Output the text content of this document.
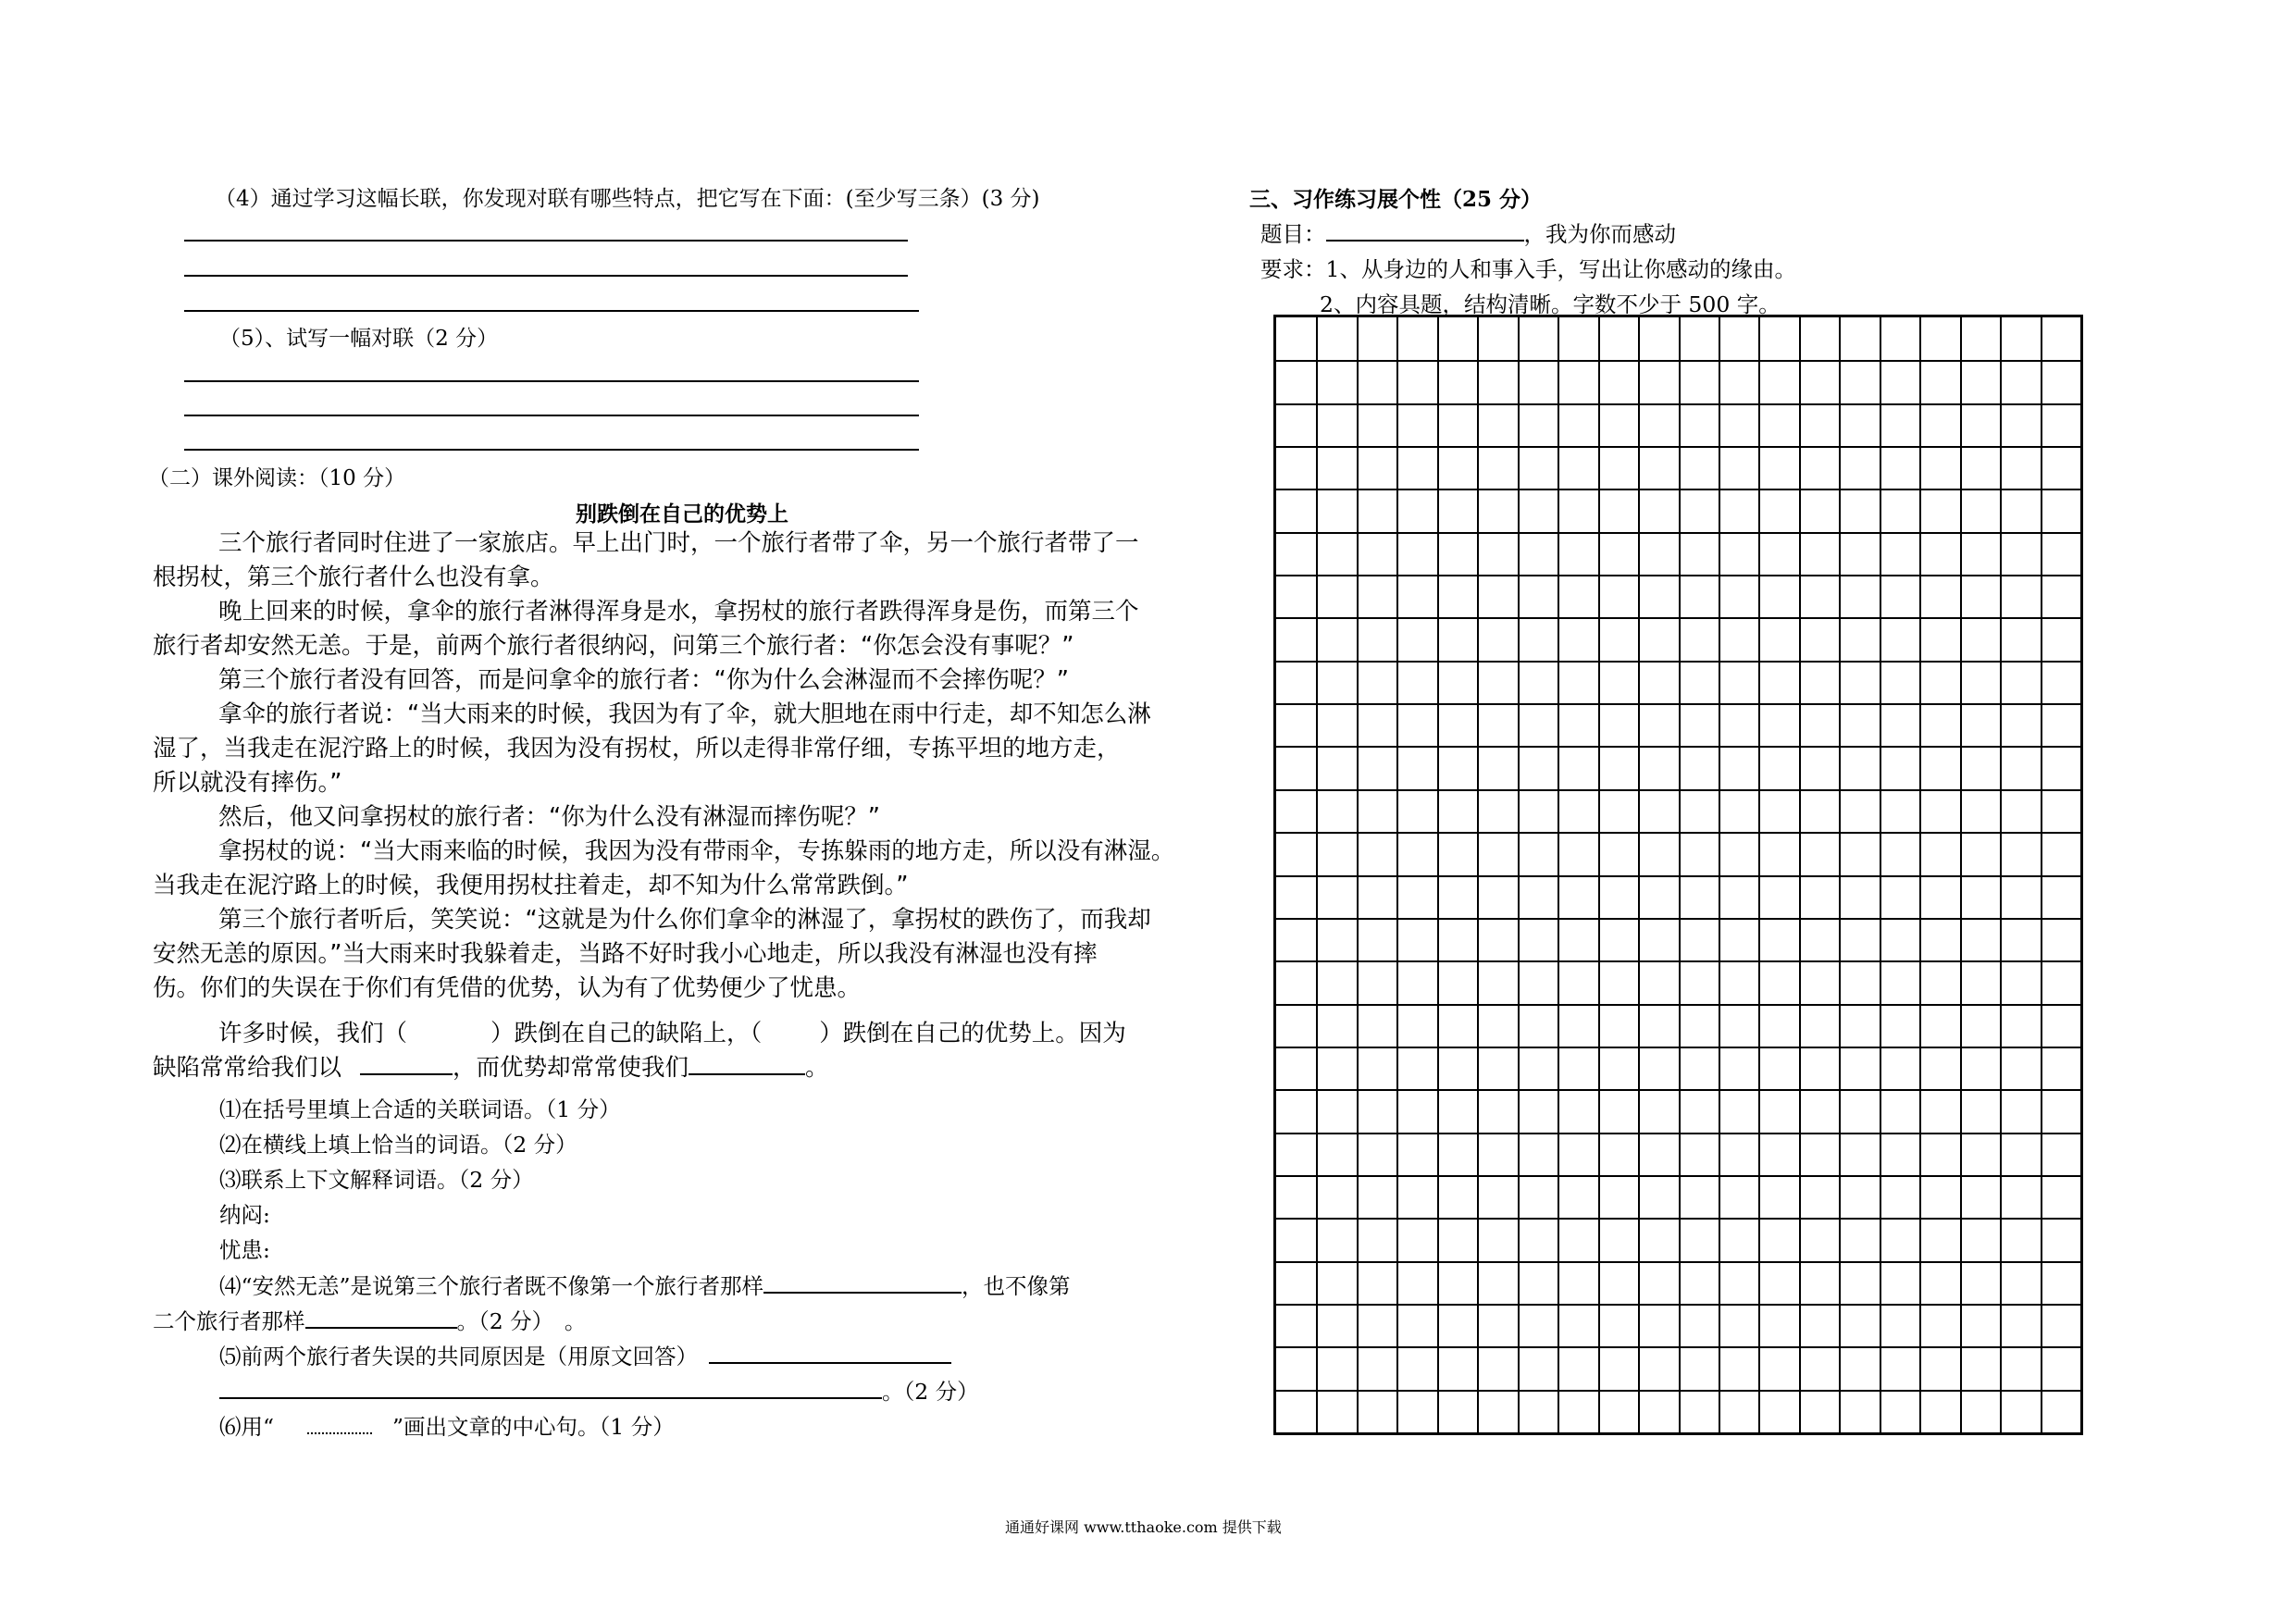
（4）通过学习这幅长联，你发现对联有哪些特点，把它写在下面：(至少写三条）(3 分)
（5）、试写一幅对联（2 分）
（二）课外阅读：（10 分）
别跌倒在自己的优势上
三个旅行者同时住进了一家旅店。早上出门时，一个旅行者带了伞，另一个旅行者带了一
根拐杖，第三个旅行者什么也没有拿。
晚上回来的时候，拿伞的旅行者淋得浑身是水，拿拐杖的旅行者跌得浑身是伤，而第三个
旅行者却安然无恙。于是，前两个旅行者很纳闷，问第三个旅行者：“你怎会没有事呢？”
第三个旅行者没有回答，而是问拿伞的旅行者：“你为什么会淋湿而不会摔伤呢？”
拿伞的旅行者说：“当大雨来的时候，我因为有了伞，就大胆地在雨中行走，却不知怎么淋
湿了，当我走在泥泞路上的时候，我因为没有拐杖，所以走得非常仔细，专拣平坦的地方走，
所以就没有摔伤。”
然后，他又问拿拐杖的旅行者：“你为什么没有淋湿而摔伤呢？”
拿拐杖的说：“当大雨来临的时候，我因为没有带雨伞，专拣躲雨的地方走，所以没有淋湿。
当我走在泥泞路上的时候，我便用拐杖拄着走，却不知为什么常常跌倒。”
第三个旅行者听后，笑笑说：“这就是为什么你们拿伞的淋湿了，拿拐杖的跌伤了，而我却
安然无恙的原因。”当大雨来时我躲着走，当路不好时我小心地走，所以我没有淋湿也没有摔
伤。你们的失误在于你们有凭借的优势，认为有了优势便少了忧患。
许多时候，我们（	）跌倒在自己的缺陷上，（ ）跌倒在自己的优势上。因为
缺陷常常给我们以	，而优势却常常使我们	。
⑴在括号里填上合适的关联词语。（1 分）
⑵在横线上填上恰当的词语。（2 分）
⑶联系上下文解释词语。（2 分）
纳闷:
忧患:
⑷“安然无恙”是说第三个旅行者既不像第一个旅行者那样	，也不像第
二个旅行者那样	。（2 分）　。
⑸前两个旅行者失误的共同原因是（用原文回答）
。（2 分）
⑹用“	”画出文章的中心句。（1 分）
三、习作练习展个性（25 分）
题目：	，我为你而感动
要求：1、从身边的人和事入手，写出让你感动的缘由。
2、内容具题，结构清晰。字数不少于 500 字。
通通好课网 www.tthaoke.com 提供下载
